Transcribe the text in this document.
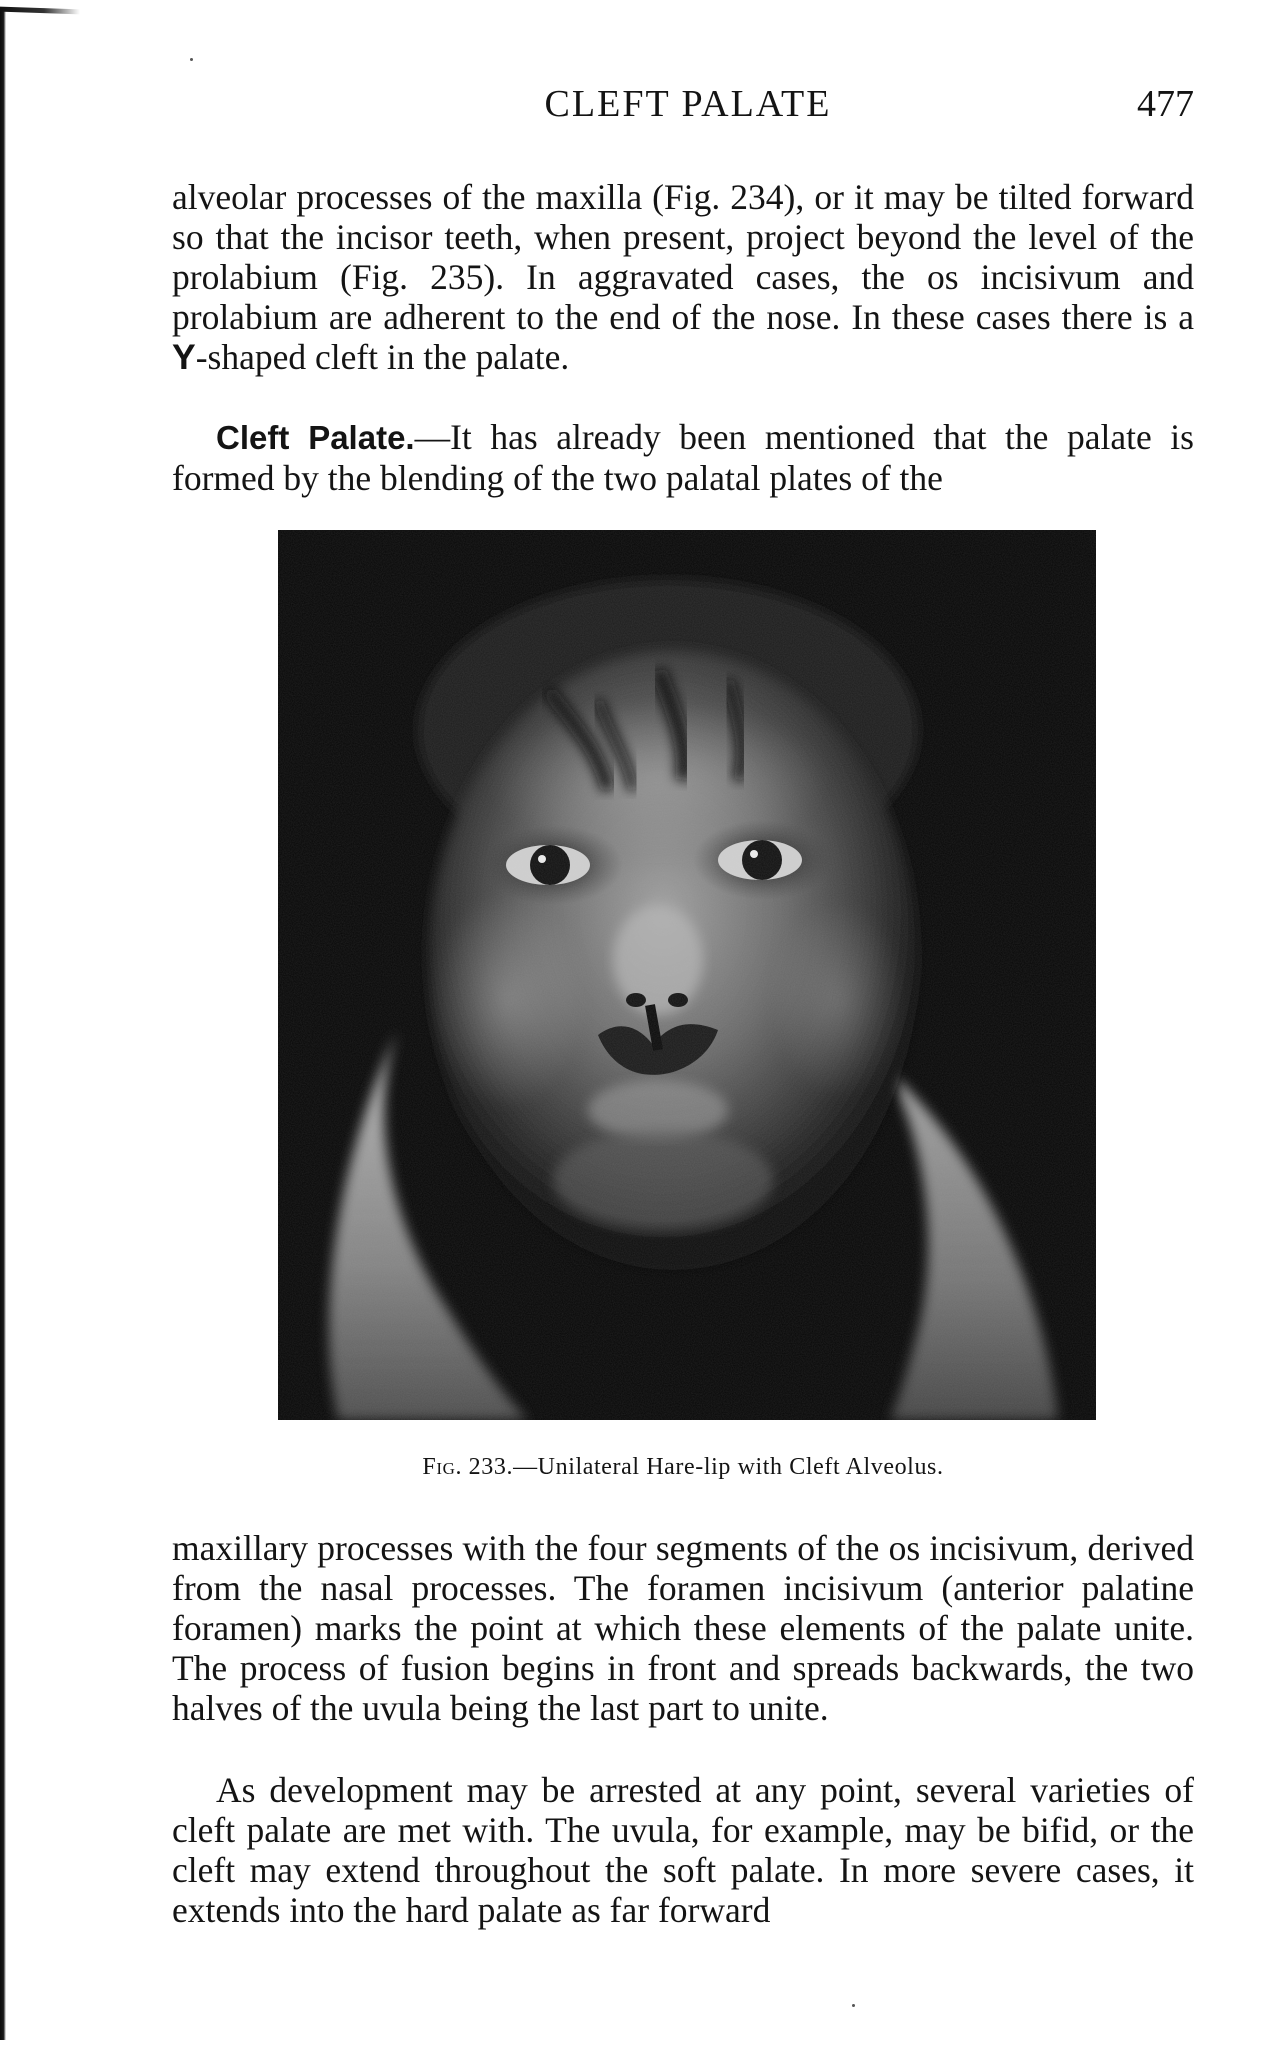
CLEFT PALATE	477

alveolar processes of the maxilla (Fig. 234), or it may be tilted forward so that the incisor teeth, when present, project beyond the level of the prolabium (Fig. 235). In aggravated cases, the os incisivum and prolabium are adherent to the end of the nose. In these cases there is a Y-shaped cleft in the palate.

Cleft Palate.—It has already been mentioned that the palate is formed by the blending of the two palatal plates of the

Fig. 233.—Unilateral Hare-lip with Cleft Alveolus.

maxillary processes with the four segments of the os incisivum, derived from the nasal processes. The foramen incisivum (anterior palatine foramen) marks the point at which these elements of the palate unite. The process of fusion begins in front and spreads backwards, the two halves of the uvula being the last part to unite.

As development may be arrested at any point, several varieties of cleft palate are met with. The uvula, for example, may be bifid, or the cleft may extend throughout the soft palate. In more severe cases, it extends into the hard palate as far forward
